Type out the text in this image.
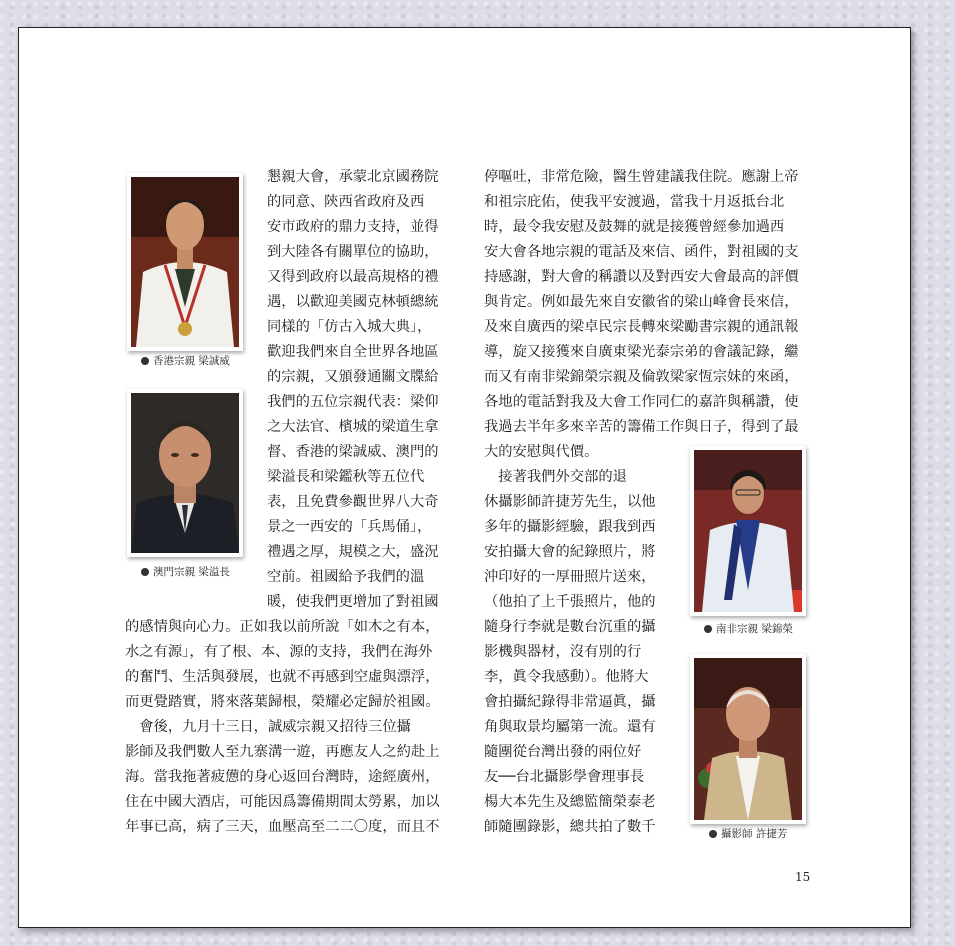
香港宗親 梁誠威
澳門宗親 梁溢長
南非宗親 梁錦榮
攝影師 許捷芳
懇親大會，承蒙北京國務院
的同意、陝西省政府及西
安市政府的鼎力支持，並得
到大陸各有關單位的協助，
又得到政府以最高規格的禮
遇，以歡迎美國克林頓總統
同樣的「仿古入城大典」，
歡迎我們來自全世界各地區
的宗親，又頒發通關文牒給
我們的五位宗親代表：梁仰
之大法官、檳城的梁道生拿
督、香港的梁誠威、澳門的
梁溢長和梁鑑秋等五位代
表，且免費參觀世界八大奇
景之一西安的「兵馬俑」，
禮遇之厚，規模之大，盛況
空前。祖國給予我們的溫
暖，使我們更增加了對祖國
的感情與向心力。正如我以前所說「如木之有本，
水之有源」，有了根、本、源的支持，我們在海外
的奮鬥、生活與發展，也就不再感到空虛與漂浮，
而更覺踏實，將來落葉歸根，榮耀必定歸於祖國。
　會後，九月十三日，誠威宗親又招待三位攝
影師及我們數人至九寨溝一遊，再應友人之約赴上
海。當我拖著疲憊的身心返回台灣時，途經廣州，
住在中國大酒店，可能因爲籌備期間太勞累，加以
年事已高，病了三天，血壓高至二二〇度，而且不
停嘔吐，非常危險，醫生曾建議我住院。應謝上帝
和祖宗庇佑，使我平安渡過，當我十月返抵台北
時，最令我安慰及鼓舞的就是接獲曾經參加過西
安大會各地宗親的電話及來信、函件，對祖國的支
持感謝，對大會的稱讚以及對西安大會最高的評價
與肯定。例如最先來自安徽省的梁山峰會長來信，
及來自廣西的梁卓民宗長轉來梁勵書宗親的通訊報
導，旋又接獲來自廣東梁光泰宗弟的會議記錄，繼
而又有南非梁錦榮宗親及倫敦梁家恆宗妹的來函，
各地的電話對我及大會工作同仁的嘉許與稱讚，使
我過去半年多來辛苦的籌備工作與日子，得到了最
大的安慰與代價。
　接著我們外交部的退
休攝影師許捷芳先生，以他
多年的攝影經驗，跟我到西
安拍攝大會的紀錄照片，將
沖印好的一厚冊照片送來，
（他拍了上千張照片，他的
隨身行李就是數台沉重的攝
影機與器材，沒有別的行
李，眞令我感動）。他將大
會拍攝紀錄得非常逼眞，攝
角與取景均屬第一流。還有
隨團從台灣出發的兩位好
友──台北攝影學會理事長
楊大本先生及總監簡榮泰老
師隨團錄影，總共拍了數千
15
